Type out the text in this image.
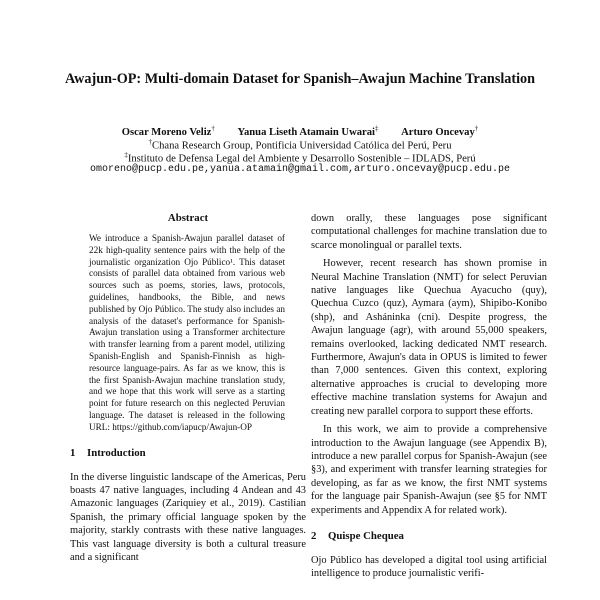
Awajun-OP: Multi-domain Dataset for Spanish–Awajun Machine Translation
Oscar Moreno Veliz† Yanua Liseth Atamain Uwarai‡ Arturo Oncevay†
†Chana Research Group, Pontificia Universidad Católica del Perú, Peru
‡Instituto de Defensa Legal del Ambiente y Desarrollo Sostenible – IDLADS, Perú
omoreno@pucp.edu.pe,yanua.atamain@gmail.com,arturo.oncevay@pucp.edu.pe
Abstract

We introduce a Spanish-Awajun parallel dataset of 22k high-quality sentence pairs with the help of the journalistic organization Ojo Público¹. This dataset consists of parallel data obtained from various web sources such as poems, stories, laws, protocols, guidelines, handbooks, the Bible, and news published by Ojo Público. The study also includes an analysis of the dataset's performance for Spanish-Awajun translation using a Transformer architecture with transfer learning from a parent model, utilizing Spanish-English and Spanish-Finnish as high-resource language-pairs. As far as we know, this is the first Spanish-Awajun machine translation study, and we hope that this work will serve as a starting point for future research on this neglected Peruvian language. The dataset is released in the following URL: https://github.com/iapucp/Awajun-OP

1 Introduction

In the diverse linguistic landscape of the Americas, Peru boasts 47 native languages, including 4 Andean and 43 Amazonic languages (Zariquiey et al., 2019). Castilian Spanish, the primary official language spoken by the majority, starkly contrasts with these native languages. This vast language diversity is both a cultural treasure and a significant

down orally, these languages pose significant computational challenges for machine translation due to scarce monolingual or parallel texts.

However, recent research has shown promise in Neural Machine Translation (NMT) for select Peruvian native languages like Quechua Ayacucho (quy), Quechua Cuzco (quz), Aymara (aym), Shipibo-Konibo (shp), and Asháninka (cni). Despite progress, the Awajun language (agr), with around 55,000 speakers, remains overlooked, lacking dedicated NMT research. Furthermore, Awajun's data in OPUS is limited to fewer than 7,000 sentences. Given this context, exploring alternative approaches is crucial to developing more effective machine translation systems for Awajun and creating new parallel corpora to support these efforts.

In this work, we aim to provide a comprehensive introduction to the Awajun language (see Appendix B), introduce a new parallel corpus for Spanish-Awajun (see §3), and experiment with transfer learning strategies for developing, as far as we know, the first NMT systems for the language pair Spanish-Awajun (see §5 for NMT experiments and Appendix A for related work).

2 Quispe Chequea

Ojo Público has developed a digital tool using artificial intelligence to produce journalistic verifi-
